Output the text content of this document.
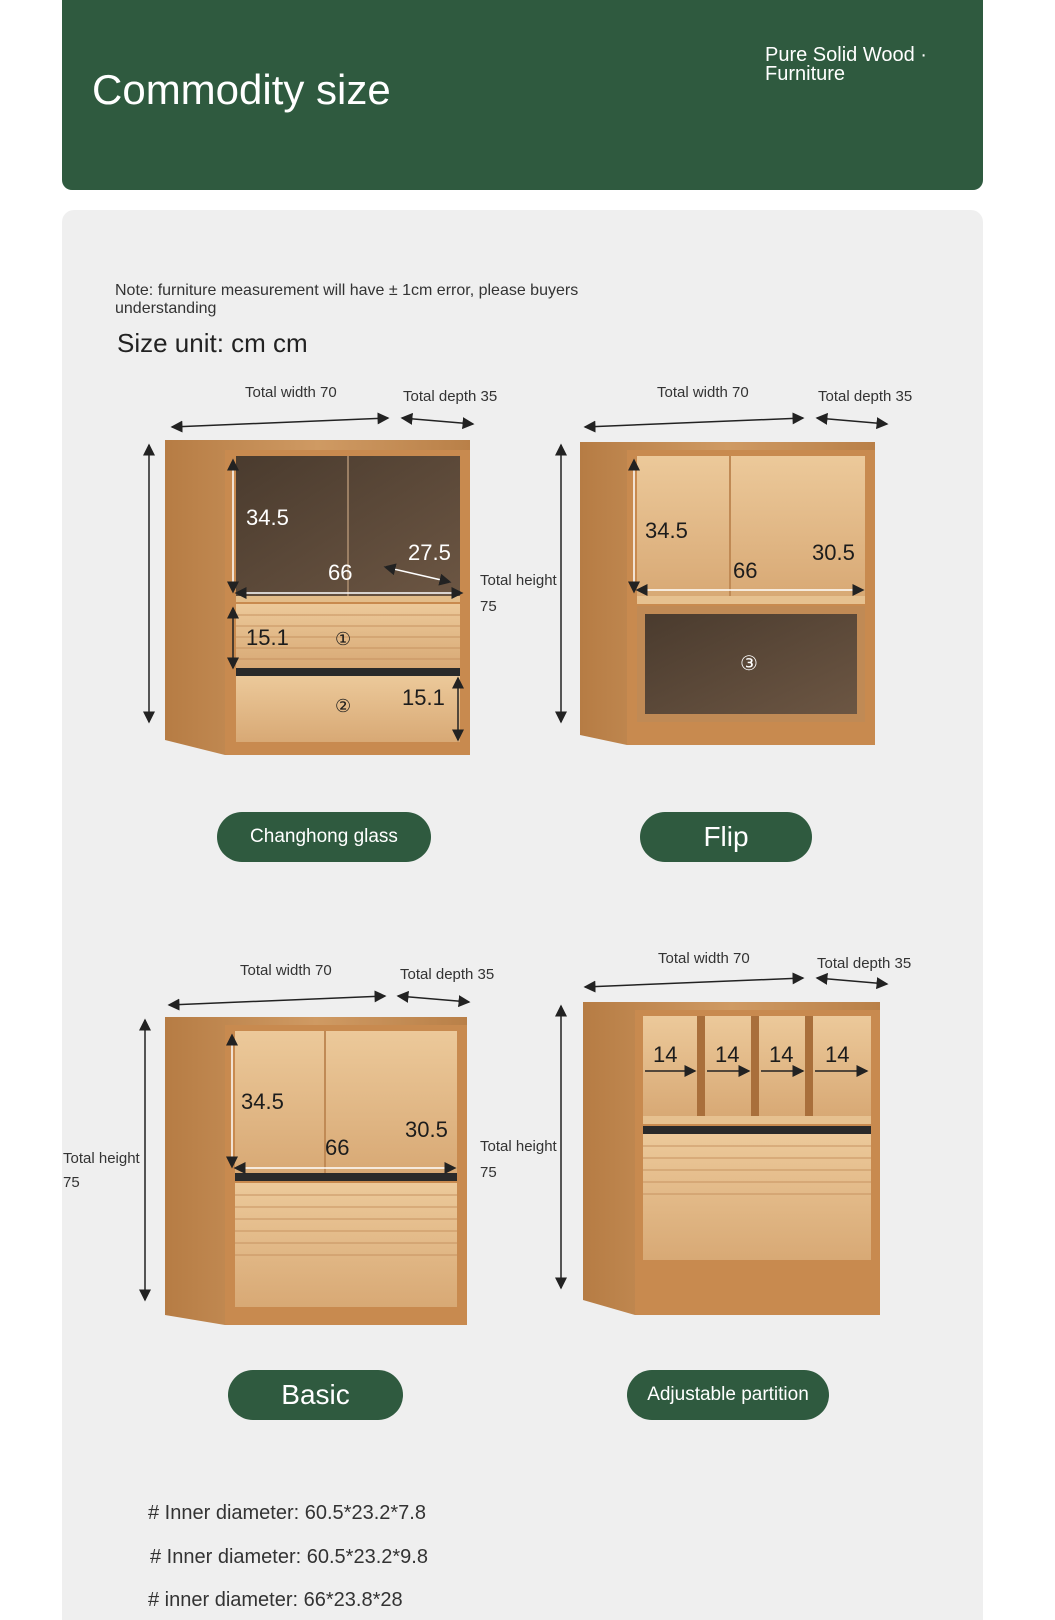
Commodity size
Pure Solid Wood · Furniture
Note: furniture measurement will have ± 1cm error, please buyers understanding
Size unit: cm cm
Total width 70	Total depth 35
Total height
75
34.5
66
27.5
15.1
15.1
①
②
Changhong glass
Total width 70	Total depth 35
34.5
66
30.5
③
Flip
Total width 70	Total depth 35
Total height
75
Total height
75
34.5
66
30.5
Basic
Total width 70	Total depth 35
14 14 14 14
Adjustable partition
# Inner diameter: 60.5*23.2*7.8
# Inner diameter: 60.5*23.2*9.8
# inner diameter: 66*23.8*28
